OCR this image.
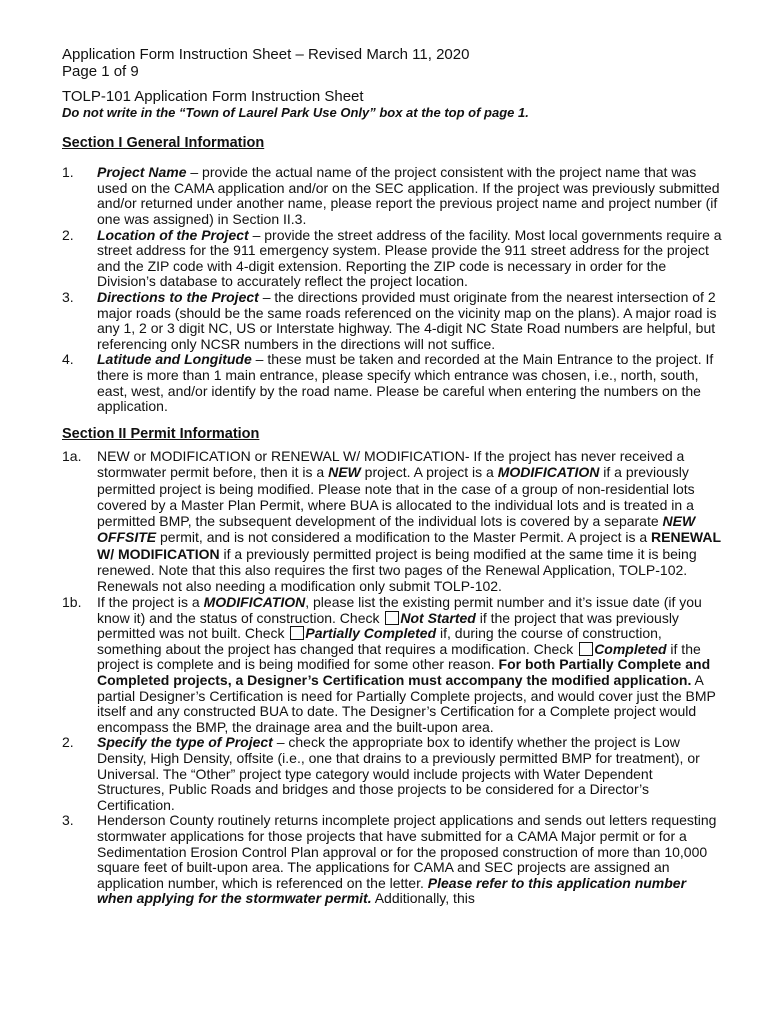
Application Form Instruction Sheet – Revised March 11, 2020
Page 1 of 9
TOLP-101 Application Form Instruction Sheet
Do not write in the “Town of Laurel Park Use Only” box at the top of page 1.
Section I General Information
1. Project Name – provide the actual name of the project consistent with the project name that was used on the CAMA application and/or on the SEC application. If the project was previously submitted and/or returned under another name, please report the previous project name and project number (if one was assigned) in Section II.3.
2. Location of the Project – provide the street address of the facility. Most local governments require a street address for the 911 emergency system. Please provide the 911 street address for the project and the ZIP code with 4-digit extension. Reporting the ZIP code is necessary in order for the Division’s database to accurately reflect the project location.
3. Directions to the Project – the directions provided must originate from the nearest intersection of 2 major roads (should be the same roads referenced on the vicinity map on the plans). A major road is any 1, 2 or 3 digit NC, US or Interstate highway. The 4-digit NC State Road numbers are helpful, but referencing only NCSR numbers in the directions will not suffice.
4. Latitude and Longitude – these must be taken and recorded at the Main Entrance to the project. If there is more than 1 main entrance, please specify which entrance was chosen, i.e., north, south, east, west, and/or identify by the road name. Please be careful when entering the numbers on the application.
Section II Permit Information
1a. NEW or MODIFICATION or RENEWAL W/ MODIFICATION- If the project has never received a stormwater permit before, then it is a NEW project. A project is a MODIFICATION if a previously permitted project is being modified. Please note that in the case of a group of non-residential lots covered by a Master Plan Permit, where BUA is allocated to the individual lots and is treated in a permitted BMP, the subsequent development of the individual lots is covered by a separate NEW OFFSITE permit, and is not considered a modification to the Master Permit. A project is a RENEWAL W/ MODIFICATION if a previously permitted project is being modified at the same time it is being renewed. Note that this also requires the first two pages of the Renewal Application, TOLP-102. Renewals not also needing a modification only submit TOLP-102.
1b. If the project is a MODIFICATION, please list the existing permit number and it’s issue date (if you know it) and the status of construction. Check Not Started if the project that was previously permitted was not built. Check Partially Completed if, during the course of construction, something about the project has changed that requires a modification. Check Completed if the project is complete and is being modified for some other reason. For both Partially Complete and Completed projects, a Designer’s Certification must accompany the modified application. A partial Designer’s Certification is need for Partially Complete projects, and would cover just the BMP itself and any constructed BUA to date. The Designer’s Certification for a Complete project would encompass the BMP, the drainage area and the built-upon area.
2. Specify the type of Project – check the appropriate box to identify whether the project is Low Density, High Density, offsite (i.e., one that drains to a previously permitted BMP for treatment), or Universal. The “Other” project type category would include projects with Water Dependent Structures, Public Roads and bridges and those projects to be considered for a Director’s Certification.
3. Henderson County routinely returns incomplete project applications and sends out letters requesting stormwater applications for those projects that have submitted for a CAMA Major permit or for a Sedimentation Erosion Control Plan approval or for the proposed construction of more than 10,000 square feet of built-upon area. The applications for CAMA and SEC projects are assigned an application number, which is referenced on the letter. Please refer to this application number when applying for the stormwater permit. Additionally, this
